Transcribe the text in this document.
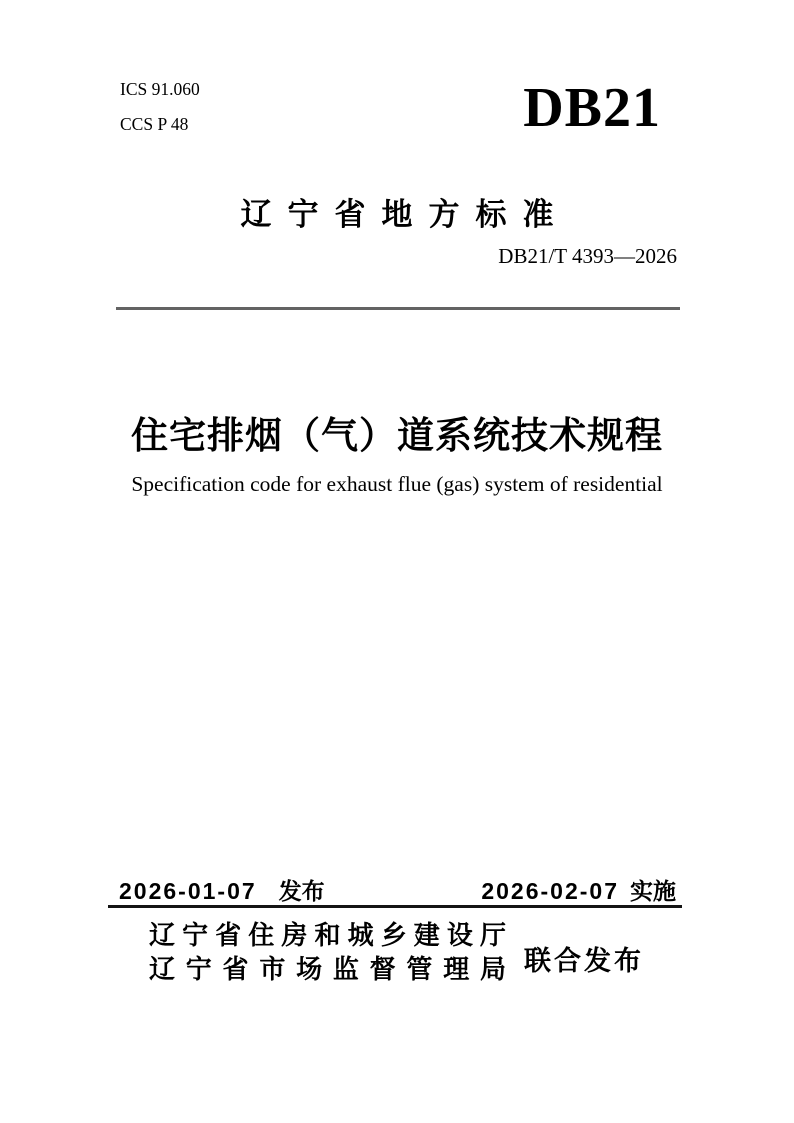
ICS 91.060
CCS P 48	DB21
辽宁省地方标准
DB21/T 4393—2026
住宅排烟（气）道系统技术规程
Specification code for exhaust flue (gas) system of residential
2026-01-07 发布	2026-02-07 实施
辽宁省住房和城乡建设厅
辽宁省市场监督管理局 联合发布
